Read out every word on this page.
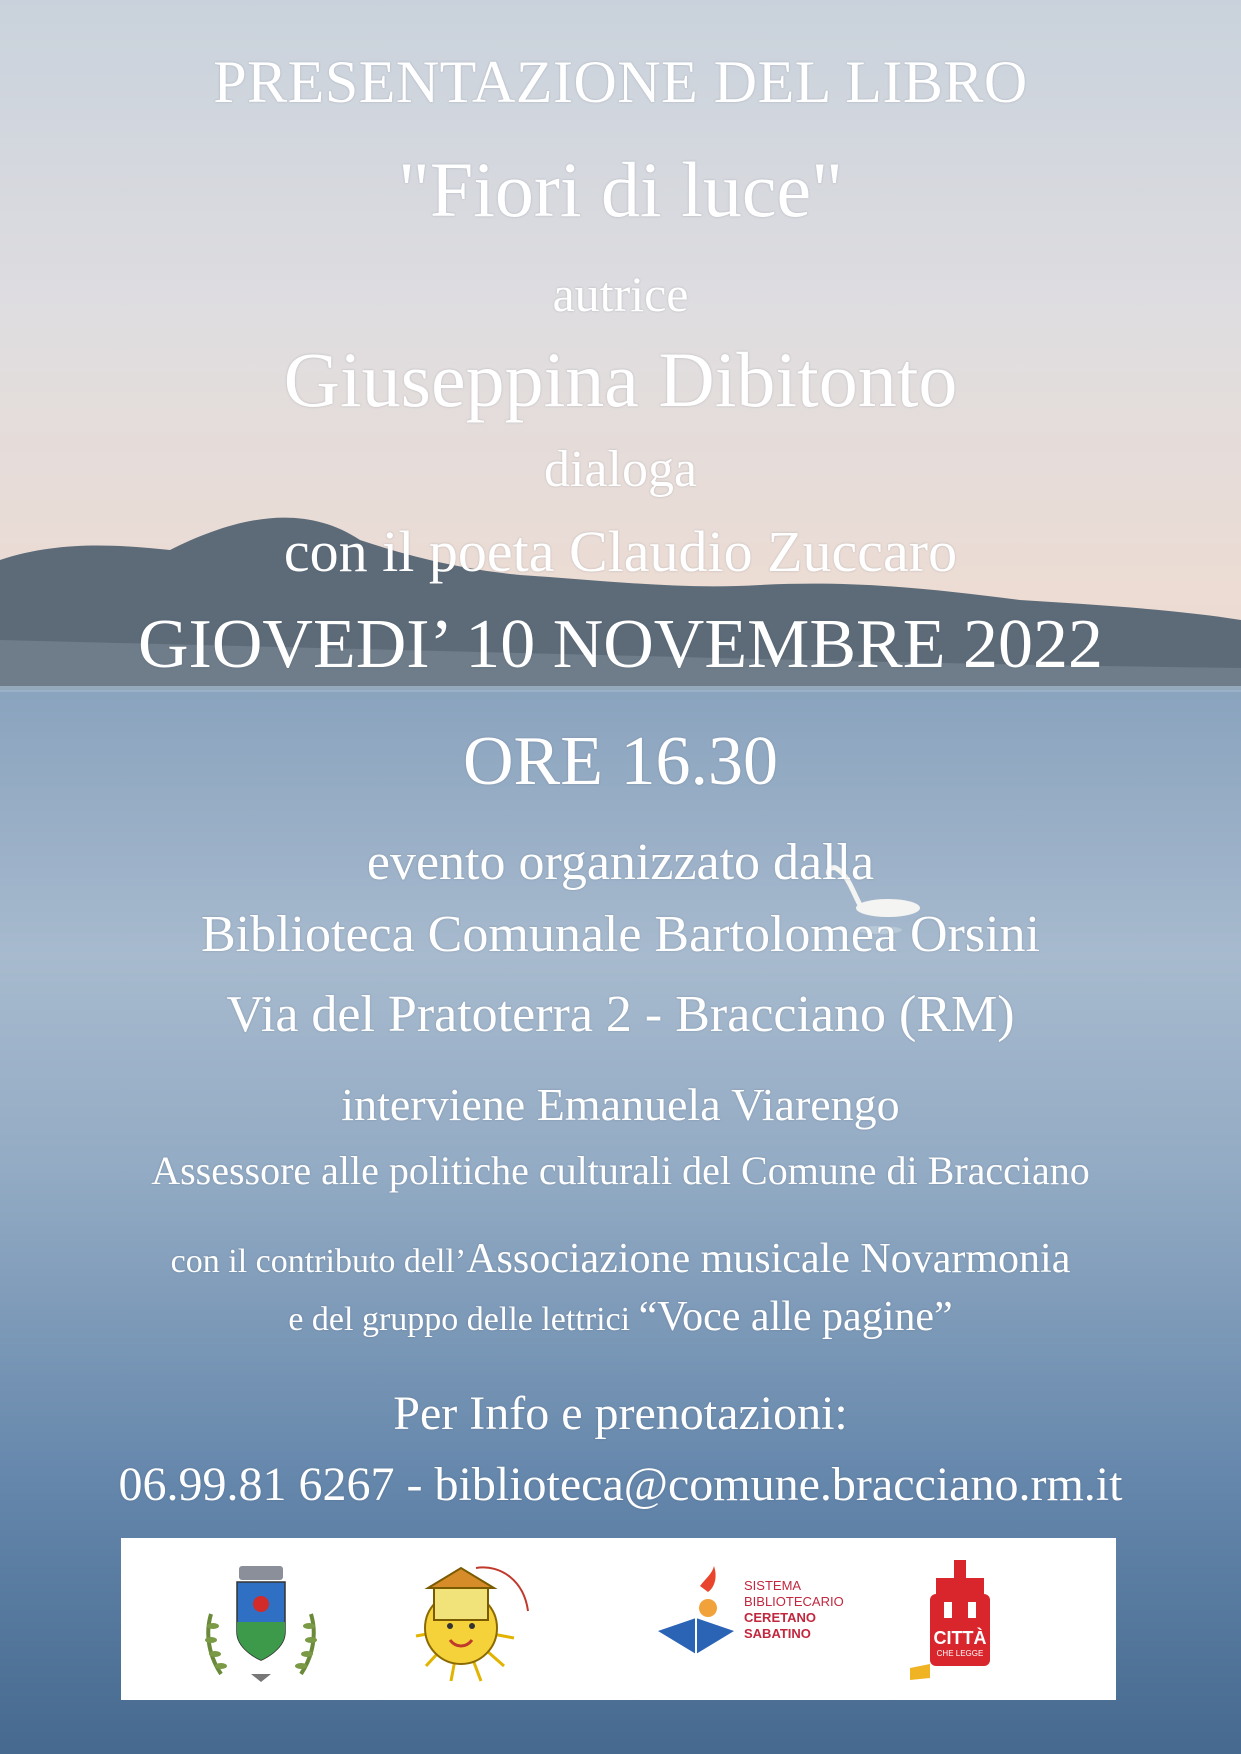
PRESENTAZIONE DEL LIBRO
"Fiori di luce"
autrice
Giuseppina Dibitonto
dialoga
con il poeta Claudio Zuccaro
GIOVEDI’ 10 NOVEMBRE 2022
ORE 16.30
evento organizzato dalla
Biblioteca Comunale Bartolomea Orsini
Via del Pratoterra 2 - Bracciano (RM)
interviene Emanuela Viarengo
Assessore alle politiche culturali del Comune di Bracciano
con il contributo dell’Associazione musicale Novarmonia
e del gruppo delle lettrici “Voce alle pagine”
Per Info e prenotazioni:
06.99.81 6267 - biblioteca@comune.bracciano.rm.it
SISTEMA
BIBLIOTECARIO
CERETANO
SABATINO	CITTÀ
CHE LEGGE
